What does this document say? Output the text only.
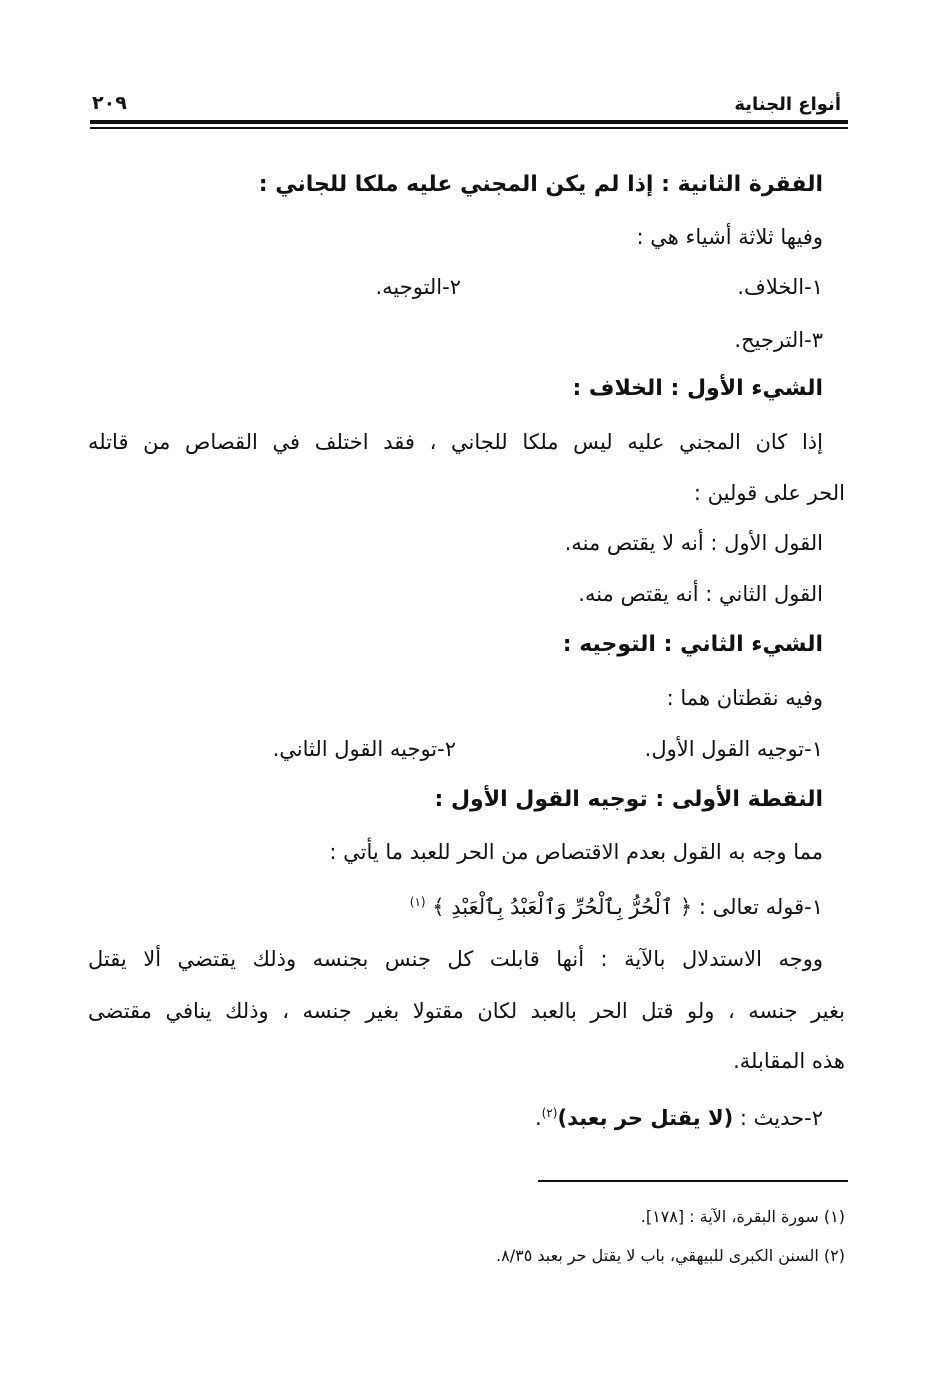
أنواع الجناية
٢٠٩
الفقرة الثانية : إذا لم يكن المجني عليه ملكا للجاني :
وفيها ثلاثة أشياء هي :
١-الخلاف.
٢-التوجيه.
٣-الترجيح.
الشيء الأول : الخلاف :
إذا كان المجني عليه ليس ملكا للجاني ، فقد اختلف في القصاص من قاتله
الحر على قولين :
القول الأول : أنه لا يقتص منه.
القول الثاني : أنه يقتص منه.
الشيء الثاني : التوجيه :
وفيه نقطتان هما :
١-توجيه القول الأول.
٢-توجيه القول الثاني.
النقطة الأولى : توجيه القول الأول :
مما وجه به القول بعدم الاقتصاص من الحر للعبد ما يأتي :
١-قوله تعالى : ﴿ ٱلْحُرُّ بِٱلْحُرِّ وَٱلْعَبْدُ بِٱلْعَبْدِ ﴾ $^{(١)}$
ووجه الاستدلال بالآية : أنها قابلت كل جنس بجنسه وذلك يقتضي ألا يقتل
بغير جنسه ، ولو قتل الحر بالعبد لكان مقتولا بغير جنسه ، وذلك ينافي مقتضى
هذه المقابلة.
٢-حديث : (لا يقتل حر بعبد)$^{(٢)}$.
(١) سورة البقرة، الآية : [١٧٨].
(٢) السنن الكبرى للبيهقي، باب لا يقتل حر بعبد ٨/٣٥.
